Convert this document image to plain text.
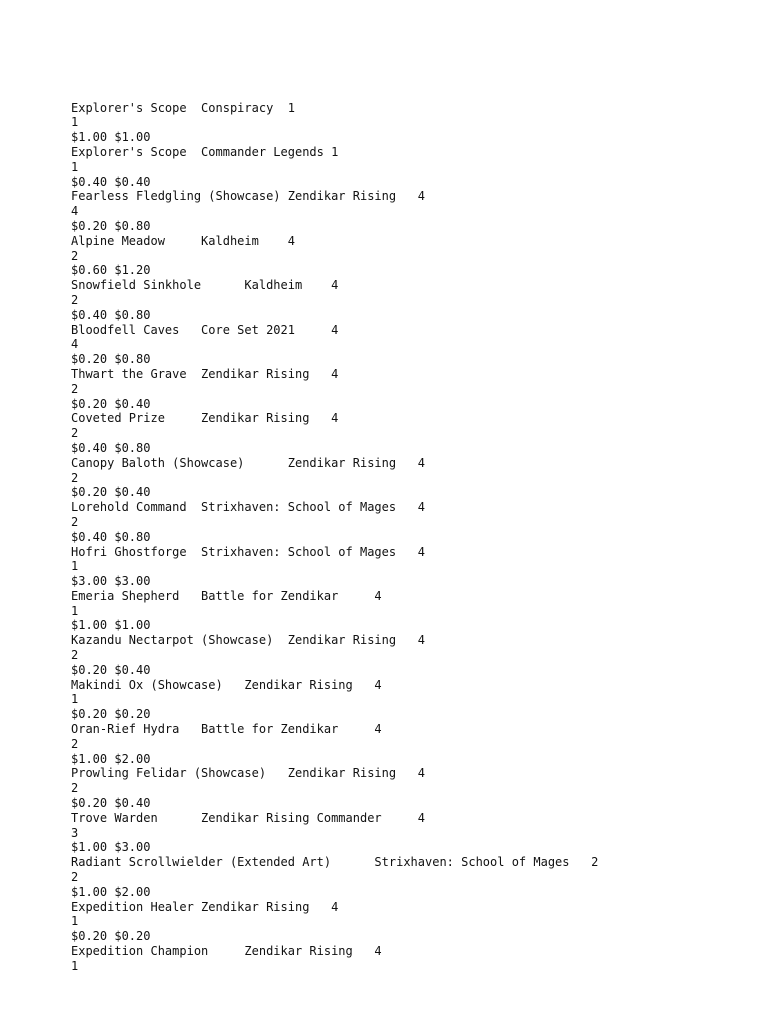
Explorer's Scope  Conspiracy  1
1
$1.00 $1.00
Explorer's Scope  Commander Legends 1
1
$0.40 $0.40
Fearless Fledgling (Showcase) Zendikar Rising   4
4
$0.20 $0.80
Alpine Meadow     Kaldheim    4
2
$0.60 $1.20
Snowfield Sinkhole      Kaldheim    4
2
$0.40 $0.80
Bloodfell Caves   Core Set 2021     4
4
$0.20 $0.80
Thwart the Grave  Zendikar Rising   4
2
$0.20 $0.40
Coveted Prize     Zendikar Rising   4
2
$0.40 $0.80
Canopy Baloth (Showcase)      Zendikar Rising   4
2
$0.20 $0.40
Lorehold Command  Strixhaven: School of Mages   4
2
$0.40 $0.80
Hofri Ghostforge  Strixhaven: School of Mages   4
1
$3.00 $3.00
Emeria Shepherd   Battle for Zendikar     4
1
$1.00 $1.00
Kazandu Nectarpot (Showcase)  Zendikar Rising   4
2
$0.20 $0.40
Makindi Ox (Showcase)   Zendikar Rising   4
1
$0.20 $0.20
Oran-Rief Hydra   Battle for Zendikar     4
2
$1.00 $2.00
Prowling Felidar (Showcase)   Zendikar Rising   4
2
$0.20 $0.40
Trove Warden      Zendikar Rising Commander     4
3
$1.00 $3.00
Radiant Scrollwielder (Extended Art)      Strixhaven: School of Mages   2
2
$1.00 $2.00
Expedition Healer Zendikar Rising   4
1
$0.20 $0.20
Expedition Champion     Zendikar Rising   4
1
